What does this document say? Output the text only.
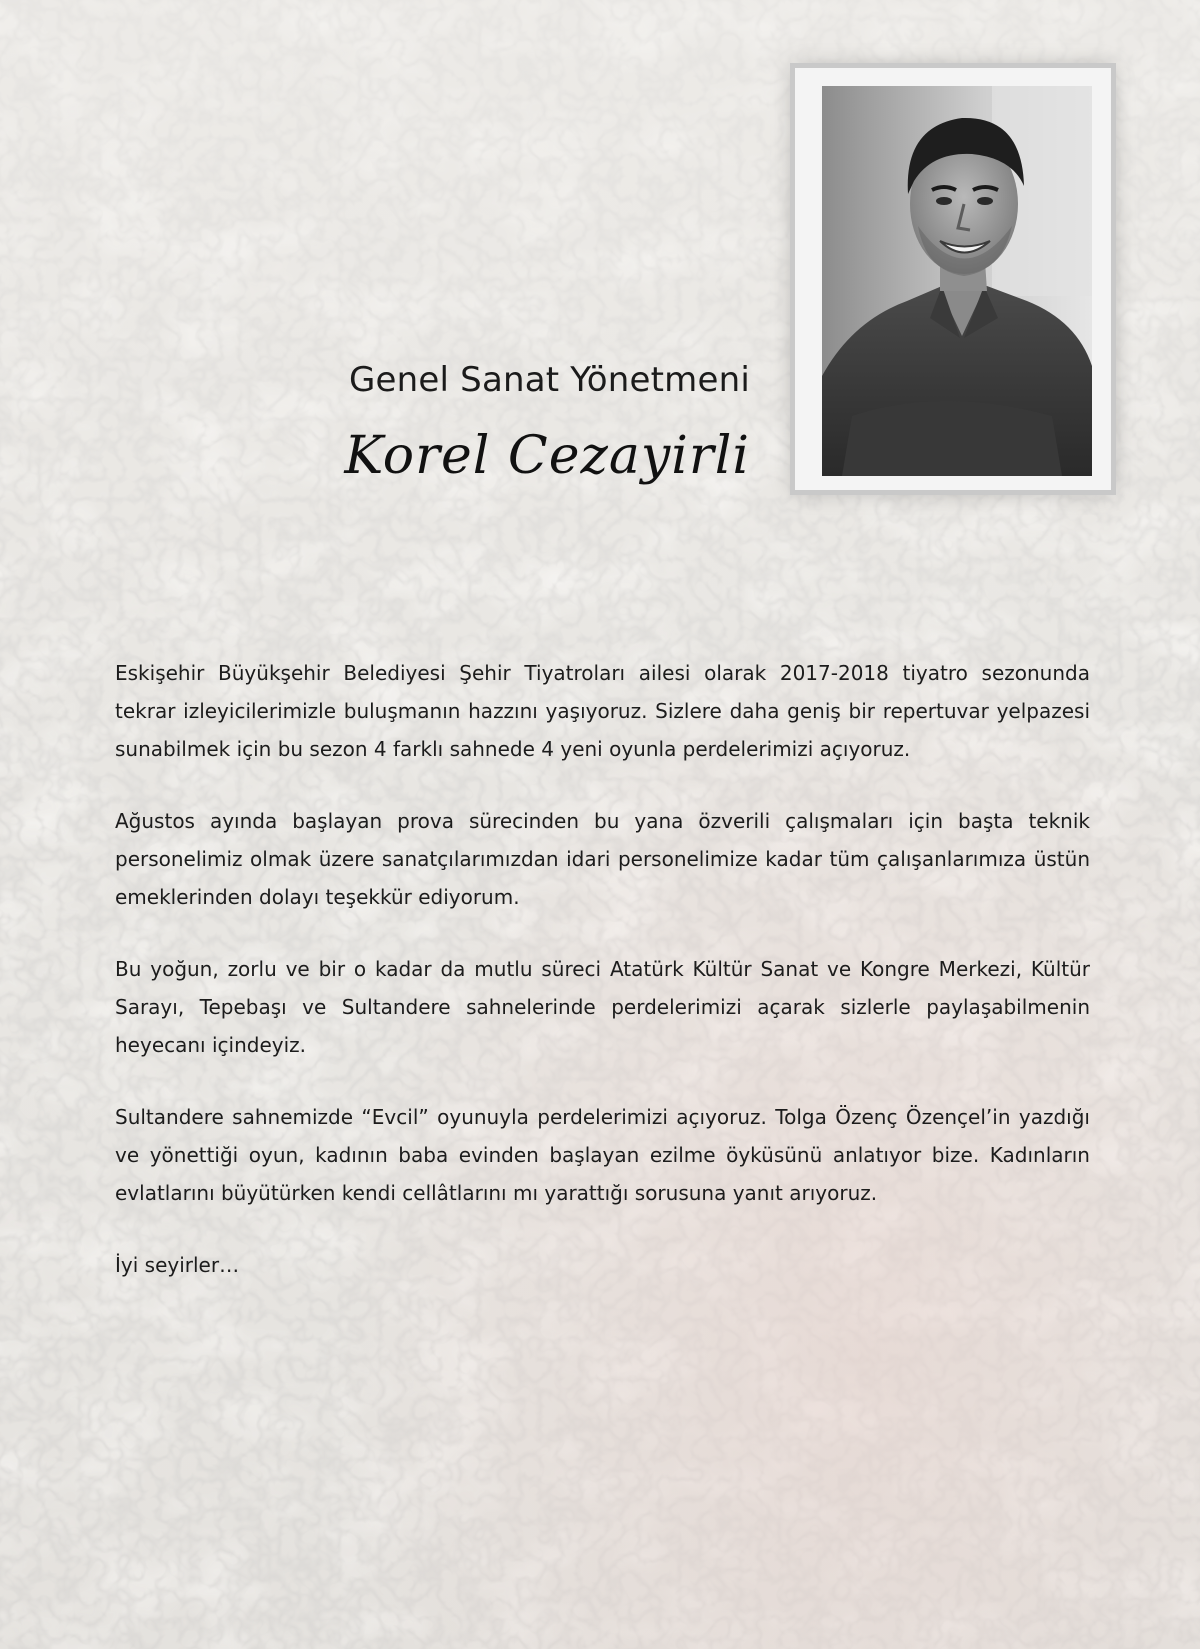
Genel Sanat Yönetmeni
Korel Cezayirli

Eskişehir Büyükşehir Belediyesi Şehir Tiyatroları ailesi olarak 2017-2018 tiyatro sezonunda tekrar izleyicilerimizle buluşmanın hazzını yaşıyoruz. Sizlere daha geniş bir repertuvar yelpazesi sunabilmek için bu sezon 4 farklı sahnede 4 yeni oyunla perdelerimizi açıyoruz.

Ağustos ayında başlayan prova sürecinden bu yana özverili çalışmaları için başta teknik personelimiz olmak üzere sanatçılarımızdan idari personelimize kadar tüm çalışanlarımıza üstün emeklerinden dolayı teşekkür ediyorum.

Bu yoğun, zorlu ve bir o kadar da mutlu süreci Atatürk Kültür Sanat ve Kongre Merkezi, Kültür Sarayı, Tepebaşı ve Sultandere sahnelerinde perdelerimizi açarak sizlerle paylaşabilmenin heyecanı içindeyiz.

Sultandere sahnemizde “Evcil” oyunuyla perdelerimizi açıyoruz. Tolga Özenç Özençel’in yazdığı ve yönettiği oyun, kadının baba evinden başlayan ezilme öyküsünü anlatıyor bize. Kadınların evlatlarını büyütürken kendi cellâtlarını mı yarattığı sorusuna yanıt arıyoruz.

İyi seyirler…
